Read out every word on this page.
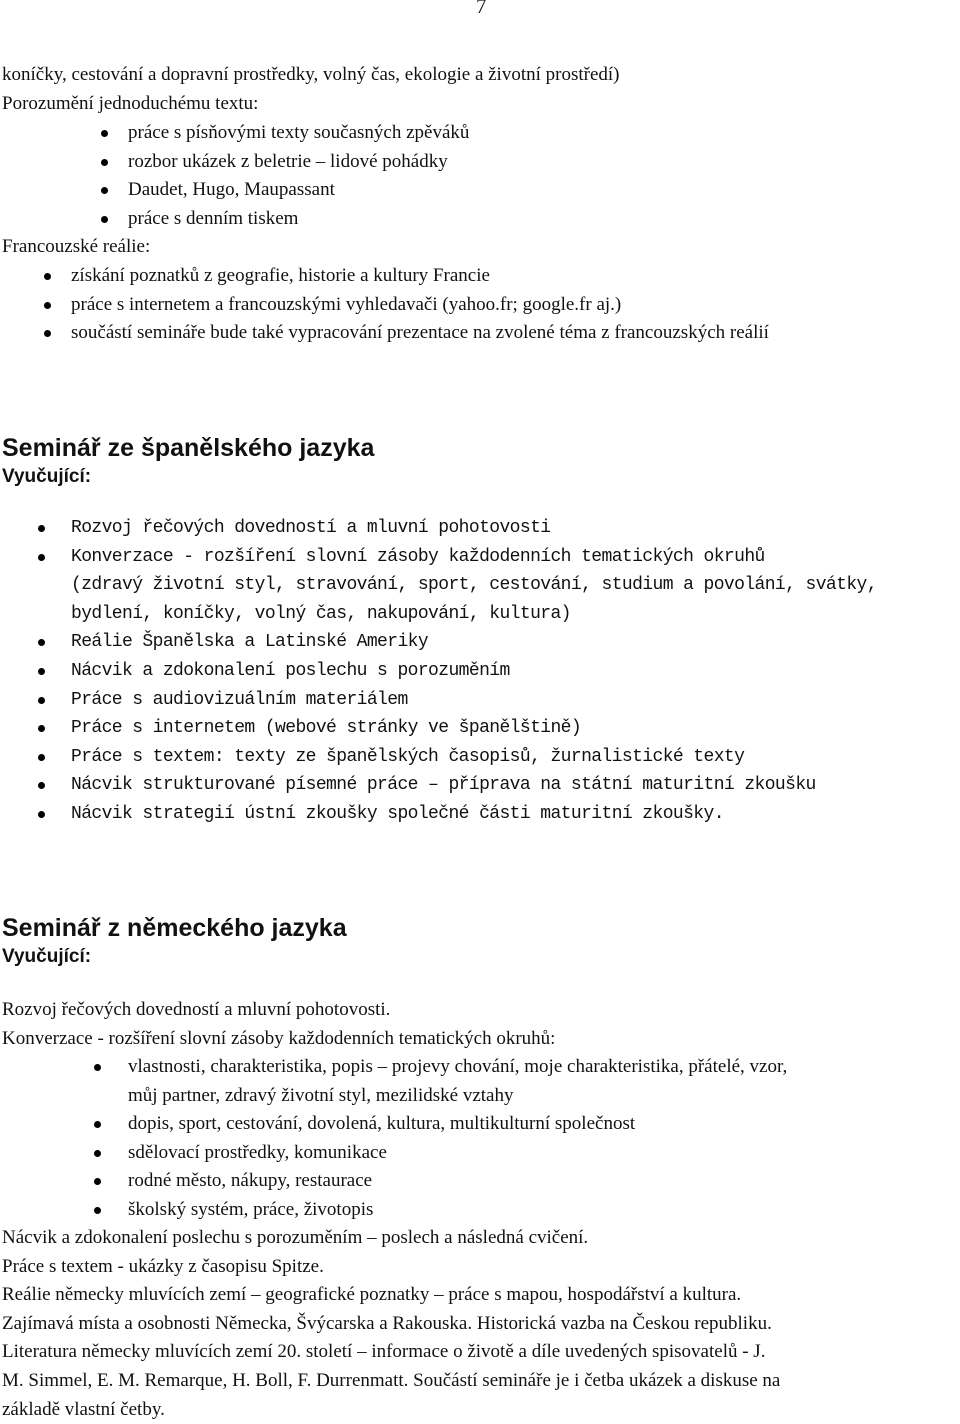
7
koníčky, cestování a dopravní prostředky, volný čas, ekologie a životní prostředí)
Porozumění jednoduchému textu:
práce s písňovými texty současných zpěváků
rozbor ukázek z beletrie – lidové pohádky
Daudet, Hugo, Maupassant
práce s denním tiskem
Francouzské reálie:
získání poznatků z geografie, historie a kultury Francie
práce s internetem a francouzskými vyhledavači (yahoo.fr; google.fr aj.)
součástí semináře bude také vypracování prezentace na zvolené téma z francouzských reálií
Seminář ze španělského jazyka
Vyučující:
Rozvoj řečových dovedností a mluvní pohotovosti
Konverzace - rozšíření slovní zásoby každodenních tematických okruhů
(zdravý životní styl, stravování, sport, cestování, studium a povolání, svátky,
bydlení, koníčky, volný čas, nakupování, kultura)
Reálie Španělska a Latinské Ameriky
Nácvik a zdokonalení poslechu s porozuměním
Práce s audiovizuálním materiálem
Práce s internetem (webové stránky ve španělštině)
Práce s textem: texty ze španělských časopisů, žurnalistické texty
Nácvik strukturované písemné práce – příprava na státní maturitní zkoušku
Nácvik strategií ústní zkoušky společné části maturitní zkoušky.
Seminář z německého jazyka
Vyučující:
Rozvoj řečových dovedností a mluvní pohotovosti.
Konverzace - rozšíření slovní zásoby každodenních tematických okruhů:
vlastnosti, charakteristika, popis – projevy chování, moje charakteristika, přátelé, vzor,
můj partner, zdravý životní styl, mezilidské vztahy
dopis, sport, cestování, dovolená, kultura, multikulturní společnost
sdělovací prostředky, komunikace
rodné město, nákupy, restaurace
školský systém, práce, životopis
Nácvik a zdokonalení poslechu s porozuměním – poslech a následná cvičení.
Práce s textem - ukázky z časopisu Spitze.
Reálie německy mluvících zemí – geografické poznatky – práce s mapou, hospodářství a kultura.
Zajímavá místa a osobnosti Německa, Švýcarska a Rakouska. Historická vazba na Českou republiku.
Literatura německy mluvících zemí 20. století – informace o životě a díle uvedených spisovatelů - J.
M. Simmel, E. M. Remarque, H. Boll, F. Durrenmatt. Součástí semináře je i četba ukázek a diskuse na
základě vlastní četby.
